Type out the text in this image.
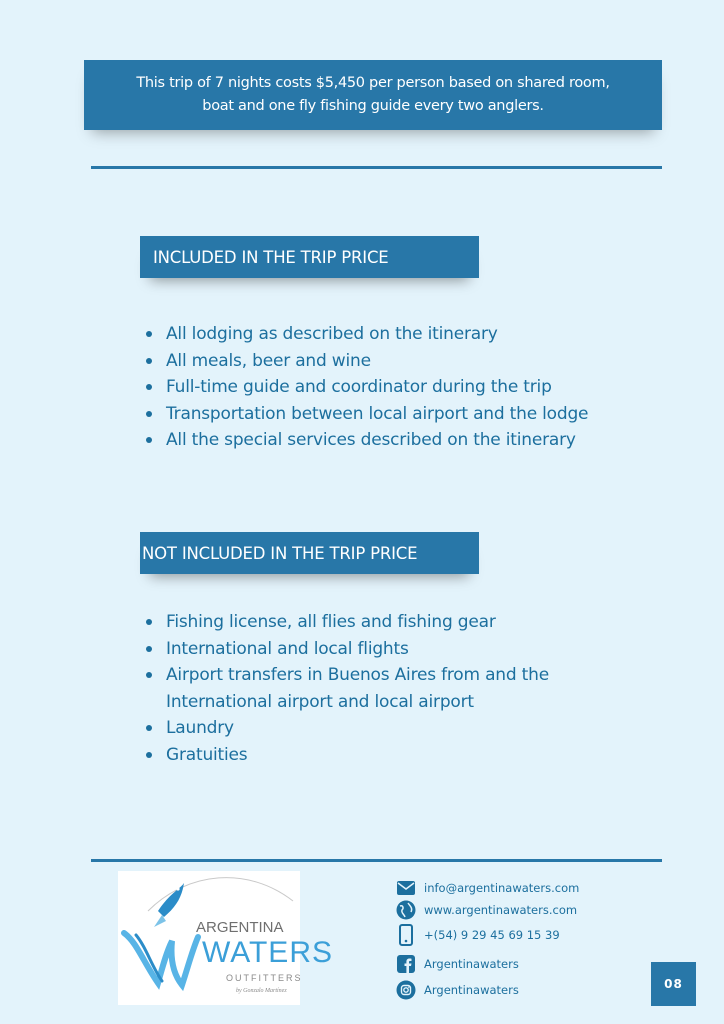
This trip of 7 nights costs $5,450 per person based on shared room,
boat and one fly fishing guide every two anglers.
INCLUDED IN THE TRIP PRICE
All lodging as described on the itinerary
All meals, beer and wine
Full-time guide and coordinator during the trip
Transportation between local airport and the lodge
All the special services described on the itinerary
NOT INCLUDED IN THE TRIP PRICE
Fishing license, all flies and fishing gear
International and local flights
Airport transfers in Buenos Aires from and the International airport and local airport
Laundry
Gratuities
ARGENTINA
WATERS
OUTFITTERS
by Gonzalo Martínez
info@argentinawaters.com
www.argentinawaters.com
+(54) 9 29 45 69 15 39
Argentinawaters
Argentinawaters	08
